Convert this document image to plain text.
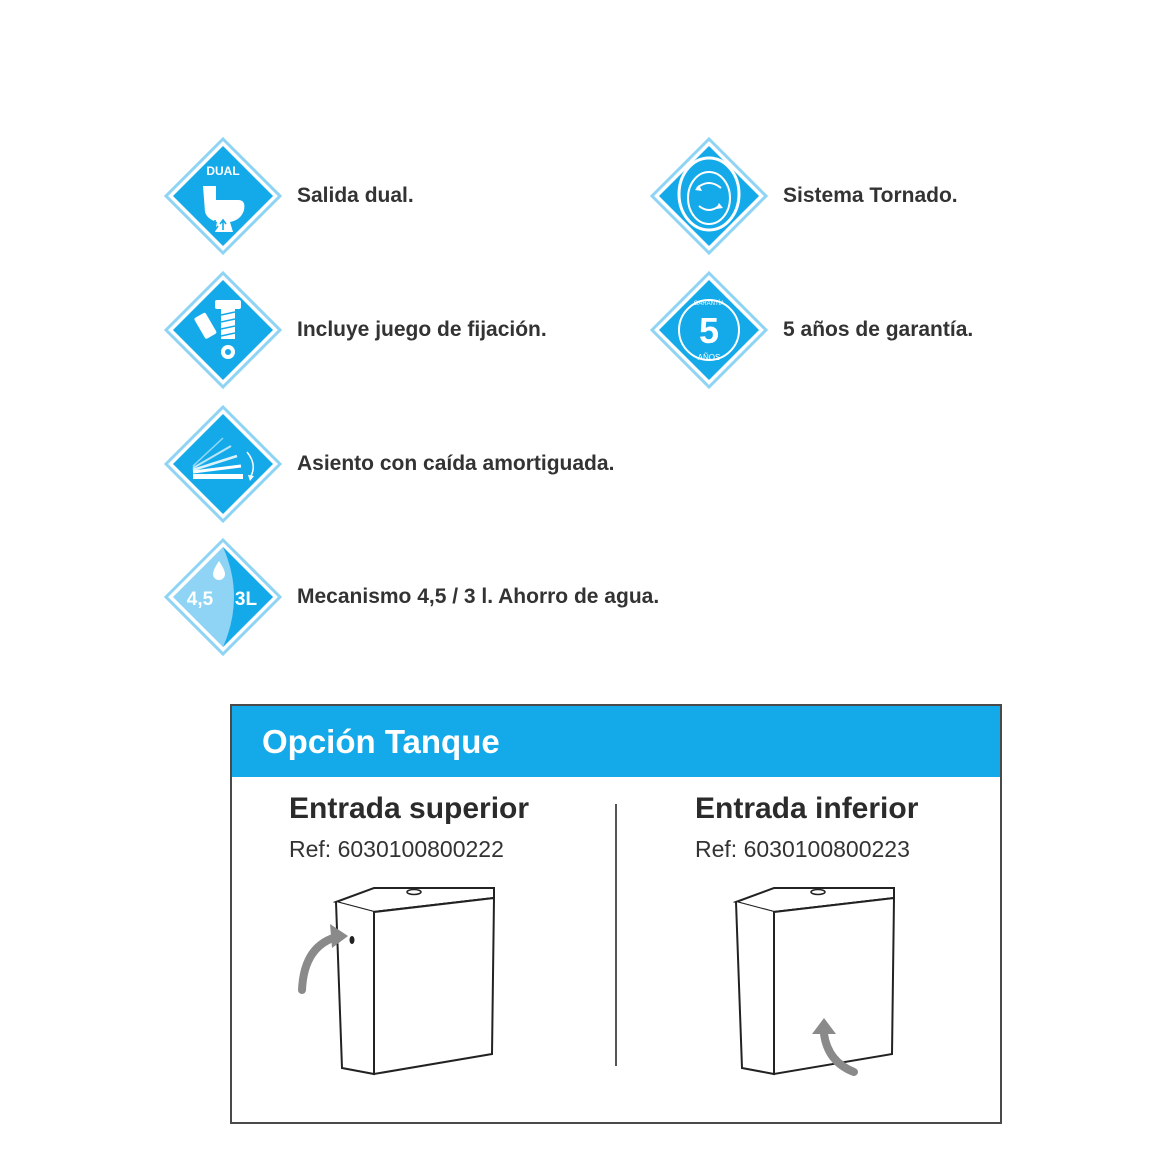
DUAL
Salida dual.	Sistema Tornado.
Incluye juego de fijación.
GARANTÍA
5
AÑOS
5 años de garantía.
Asiento con caída amortiguada.
4,5 3L Mecanismo 4,5 / 3 l. Ahorro de agua.
Opción Tanque
Entrada superior
Ref: 6030100800222
Entrada inferior
Ref: 6030100800223
